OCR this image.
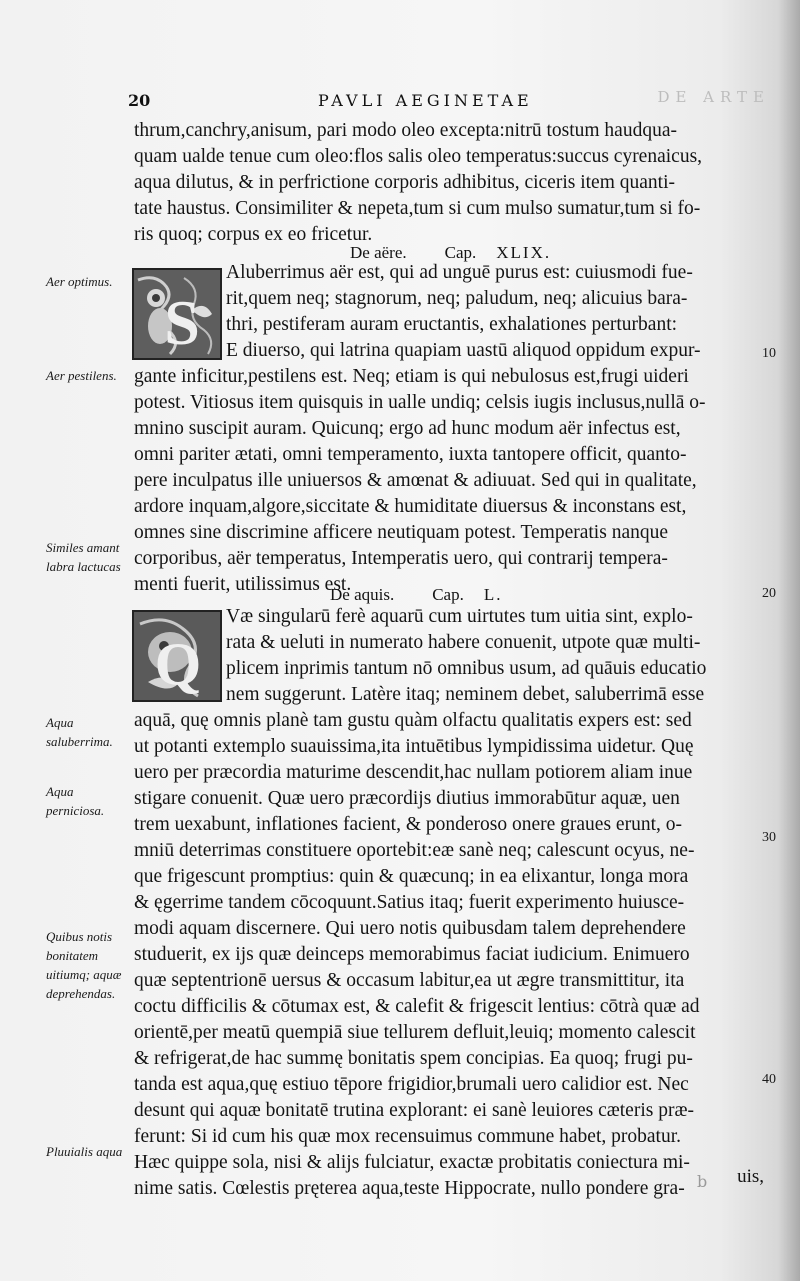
DE ARTE
20	PAVLI AEGINETAE
thrum,canchry,anisum, pari modo oleo excepta:nitrū tostum haudqua-
quam ualde tenue cum oleo:flos salis oleo temperatus:succus cyrenaicus,
aqua dilutus, & in perfrictione corporis adhibitus, ciceris item quanti-
tate haustus. Consimiliter & nepeta,tum si cum mulso sumatur,tum si fo-
ris quoq; corpus ex eo fricetur.
De aëre. Cap. XLIX.
S
Aluberrimus aër est, qui ad unguē purus est: cuiusmodi fue-
rit,quem neq; stagnorum, neq; paludum, neq; alicuius bara-
thri, pestiferam auram eructantis, exhalationes perturbant:
E diuerso, qui latrina quapiam uastū aliquod oppidum expur-
gante inficitur,pestilens est. Neq; etiam is qui nebulosus est,frugi uideri
potest. Vitiosus item quisquis in ualle undiq; celsis iugis inclusus,nullā o-
mnino suscipit auram. Quicunq; ergo ad hunc modum aër infectus est,
omni pariter ætati, omni temperamento, iuxta tantopere officit, quanto-
pere inculpatus ille uniuersos & amœnat & adiuuat. Sed qui in qualitate,
ardore inquam,algore,siccitate & humiditate diuersus & inconstans est,
omnes sine discrimine afficere neutiquam potest. Temperatis nanque
corporibus, aër temperatus, Intemperatis uero, qui contrarij tempera-
menti fuerit, utilissimus est.
De aquis. Cap. L.
Q
Væ singularū ferè aquarū cum uirtutes tum uitia sint, explo-
rata & ueluti in numerato habere conuenit, utpote quæ multi-
plicem inprimis tantum nō omnibus usum, ad quāuis educatio
nem suggerunt. Latère itaq; neminem debet, saluberrimā esse
aquā, quę omnis planè tam gustu quàm olfactu qualitatis expers est: sed
ut potanti extemplo suauissima,ita intuētibus lympidissima uidetur. Quę
uero per præcordia maturime descendit,hac nullam potiorem aliam inue
stigare conuenit. Quæ uero præcordijs diutius immorabūtur aquæ, uen
trem uexabunt, inflationes facient, & ponderoso onere graues erunt, o-
mniū deterrimas constituere oportebit:eæ sanè neq; calescunt ocyus, ne-
que frigescunt promptius: quin & quæcunq; in ea elixantur, longa mora
& ęgerrime tandem cōcoquunt.Satius itaq; fuerit experimento huiusce-
modi aquam discernere. Qui uero notis quibusdam talem deprehendere
studuerit, ex ijs quæ deinceps memorabimus faciat iudicium. Enimuero
quæ septentrionē uersus & occasum labitur,ea ut ægre transmittitur, ita
coctu difficilis & cōtumax est, & calefit & frigescit lentius: cōtrà quæ ad
orientē,per meatū quempiā siue tellurem defluit,leuiq; momento calescit
& refrigerat,de hac summę bonitatis spem concipias. Ea quoq; frugi pu-
tanda est aqua,quę estiuo tēpore frigidior,brumali uero calidior est. Nec
desunt qui aquæ bonitatē trutina explorant: ei sanè leuiores cæteris præ-
ferunt: Si id cum his quæ mox recensuimus commune habet, probatur.
Hæc quippe sola, nisi & alijs fulciatur, exactæ probitatis coniectura mi-
nime satis. Cœlestis pręterea aqua,teste Hippocrate, nullo pondere gra-
uis,
b
Aer optimus.
Aer pestilens.
Similes amant labra lactucas
Aqua saluberrima.
Aqua perniciosa.
Quibus notis bonitatem uitiumq; aquæ deprehendas.
Pluuialis aqua
10
20
30
40
